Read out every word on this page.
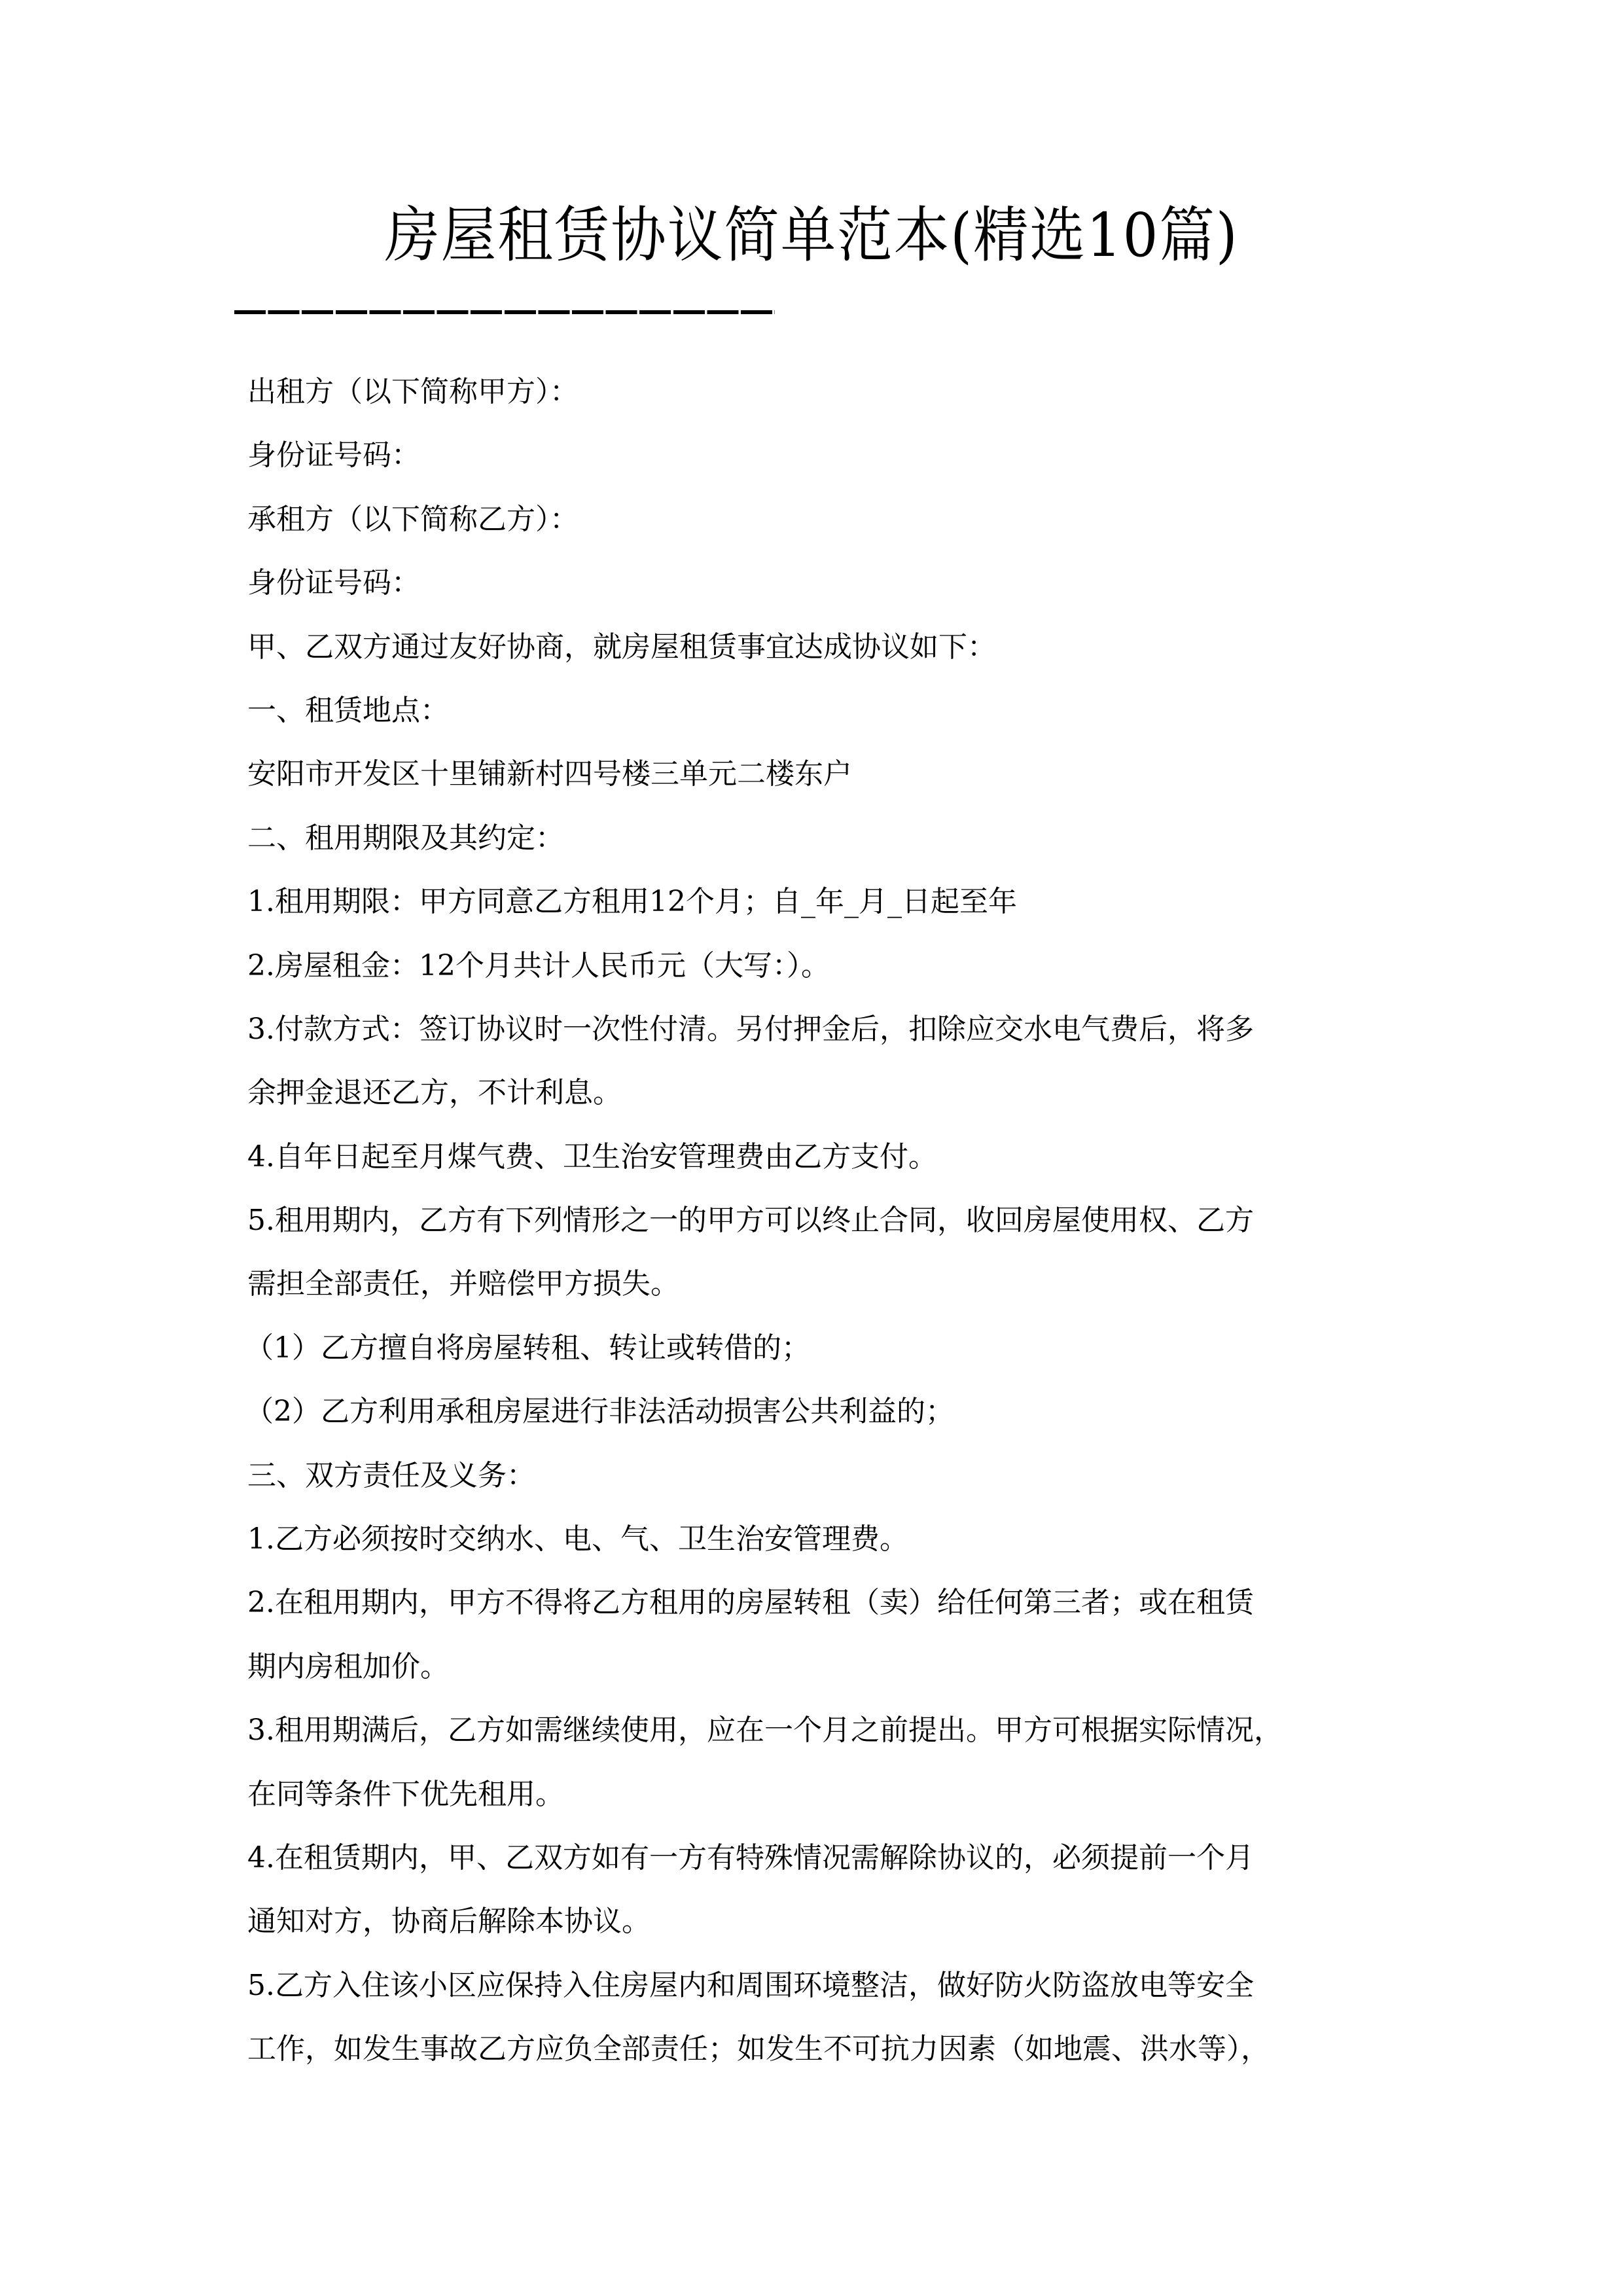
房屋租赁协议简单范本(精选10篇)
出租方（以下简称甲方）：
身份证号码：
承租方（以下简称乙方）：
身份证号码：
甲、乙双方通过友好协商，就房屋租赁事宜达成协议如下：
一、租赁地点：
安阳市开发区十里铺新村四号楼三单元二楼东户
二、租用期限及其约定：
1.租用期限：甲方同意乙方租用12个月；自_年_月_日起至年
2.房屋租金：12个月共计人民币元（大写：）。
3.付款方式：签订协议时一次性付清。另付押金后，扣除应交水电气费后，将多
余押金退还乙方，不计利息。
4.自年日起至月煤气费、卫生治安管理费由乙方支付。
5.租用期内，乙方有下列情形之一的甲方可以终止合同，收回房屋使用权、乙方
需担全部责任，并赔偿甲方损失。
（1）乙方擅自将房屋转租、转让或转借的；
（2）乙方利用承租房屋进行非法活动损害公共利益的；
三、双方责任及义务：
1.乙方必须按时交纳水、电、气、卫生治安管理费。
2.在租用期内，甲方不得将乙方租用的房屋转租（卖）给任何第三者；或在租赁
期内房租加价。
3.租用期满后，乙方如需继续使用，应在一个月之前提出。甲方可根据实际情况，
在同等条件下优先租用。
4.在租赁期内，甲、乙双方如有一方有特殊情况需解除协议的，必须提前一个月
通知对方，协商后解除本协议。
5.乙方入住该小区应保持入住房屋内和周围环境整洁，做好防火防盗放电等安全
工作，如发生事故乙方应负全部责任；如发生不可抗力因素（如地震、洪水等），
